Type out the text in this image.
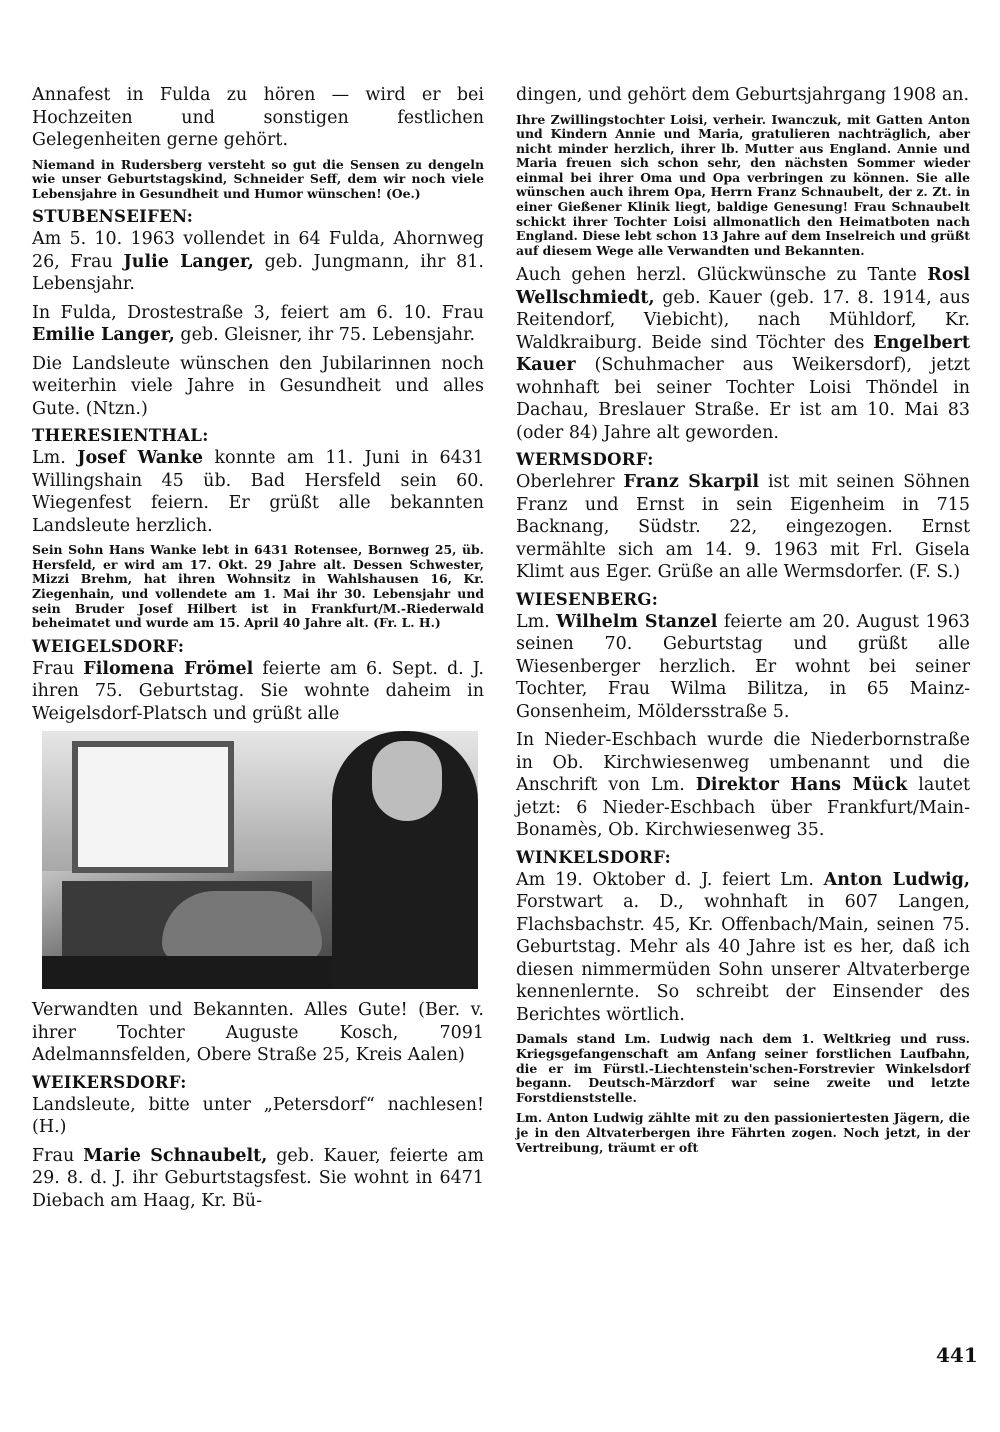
Annafest in Fulda zu hören — wird er bei Hochzeiten und sonstigen festlichen Gelegenheiten gerne gehört.

Niemand in Rudersberg versteht so gut die Sensen zu dengeln wie unser Geburtstagskind, Schneider Seff, dem wir noch viele Lebensjahre in Gesundheit und Humor wünschen! (Oe.)

STUBENSEIFEN:

Am 5. 10. 1963 vollendet in 64 Fulda, Ahornweg 26, Frau Julie Langer, geb. Jungmann, ihr 81. Lebensjahr.

In Fulda, Drostestraße 3, feiert am 6. 10. Frau Emilie Langer, geb. Gleisner, ihr 75. Lebensjahr.

Die Landsleute wünschen den Jubilarinnen noch weiterhin viele Jahre in Gesundheit und alles Gute. (Ntzn.)

THERESIENTHAL:

Lm. Josef Wanke konnte am 11. Juni in 6431 Willingshain 45 üb. Bad Hersfeld sein 60. Wiegenfest feiern. Er grüßt alle bekannten Landsleute herzlich.

Sein Sohn Hans Wanke lebt in 6431 Rotensee, Bornweg 25, üb. Hersfeld, er wird am 17. Okt. 29 Jahre alt. Dessen Schwester, Mizzi Brehm, hat ihren Wohnsitz in Wahlshausen 16, Kr. Ziegenhain, und vollendete am 1. Mai ihr 30. Lebensjahr und sein Bruder Josef Hilbert ist in Frankfurt/M.-Riederwald beheimatet und wurde am 15. April 40 Jahre alt. (Fr. L. H.)

WEIGELSDORF:

Frau Filomena Frömel feierte am 6. Sept. d. J. ihren 75. Geburtstag. Sie wohnte daheim in Weigelsdorf-Platsch und grüßt alle

Verwandten und Bekannten. Alles Gute! (Ber. v. ihrer Tochter Auguste Kosch, 7091 Adelmannsfelden, Obere Straße 25, Kreis Aalen)

WEIKERSDORF:

Landsleute, bitte unter „Petersdorf“ nachlesen! (H.)

Frau Marie Schnaubelt, geb. Kauer, feierte am 29. 8. d. J. ihr Geburtstagsfest. Sie wohnt in 6471 Diebach am Haag, Kr. Bü-

dingen, und gehört dem Geburtsjahrgang 1908 an.

Ihre Zwillingstochter Loisi, verheir. Iwanczuk, mit Gatten Anton und Kindern Annie und Maria, gratulieren nachträglich, aber nicht minder herzlich, ihrer lb. Mutter aus England. Annie und Maria freuen sich schon sehr, den nächsten Sommer wieder einmal bei ihrer Oma und Opa verbringen zu können. Sie alle wünschen auch ihrem Opa, Herrn Franz Schnaubelt, der z. Zt. in einer Gießener Klinik liegt, baldige Genesung! Frau Schnaubelt schickt ihrer Tochter Loisi allmonatlich den Heimatboten nach England. Diese lebt schon 13 Jahre auf dem Inselreich und grüßt auf diesem Wege alle Verwandten und Bekannten.

Auch gehen herzl. Glückwünsche zu Tante Rosl Wellschmiedt, geb. Kauer (geb. 17. 8. 1914, aus Reitendorf, Viebicht), nach Mühldorf, Kr. Waldkraiburg. Beide sind Töchter des Engelbert Kauer (Schuhmacher aus Weikersdorf), jetzt wohnhaft bei seiner Tochter Loisi Thöndel in Dachau, Breslauer Straße. Er ist am 10. Mai 83 (oder 84) Jahre alt geworden.

WERMSDORF:

Oberlehrer Franz Skarpil ist mit seinen Söhnen Franz und Ernst in sein Eigenheim in 715 Backnang, Südstr. 22, eingezogen. Ernst vermählte sich am 14. 9. 1963 mit Frl. Gisela Klimt aus Eger. Grüße an alle Wermsdorfer. (F. S.)

WIESENBERG:

Lm. Wilhelm Stanzel feierte am 20. August 1963 seinen 70. Geburtstag und grüßt alle Wiesenberger herzlich. Er wohnt bei seiner Tochter, Frau Wilma Bilitza, in 65 Mainz-Gonsenheim, Möldersstraße 5.

In Nieder-Eschbach wurde die Niederbornstraße in Ob. Kirchwiesenweg umbenannt und die Anschrift von Lm. Direktor Hans Mück lautet jetzt: 6 Nieder-Eschbach über Frankfurt/Main-Bonamès, Ob. Kirchwiesenweg 35.

WINKELSDORF:

Am 19. Oktober d. J. feiert Lm. Anton Ludwig, Forstwart a. D., wohnhaft in 607 Langen, Flachsbachstr. 45, Kr. Offenbach/Main, seinen 75. Geburtstag. Mehr als 40 Jahre ist es her, daß ich diesen nimmermüden Sohn unserer Altvaterberge kennenlernte. So schreibt der Einsender des Berichtes wörtlich.

Damals stand Lm. Ludwig nach dem 1. Weltkrieg und russ. Kriegsgefangenschaft am Anfang seiner forstlichen Laufbahn, die er im Fürstl.-Liechtenstein'schen-Forstrevier Winkelsdorf begann. Deutsch-Märzdorf war seine zweite und letzte Forstdienststelle.

Lm. Anton Ludwig zählte mit zu den passioniertesten Jägern, die je in den Altvaterbergen ihre Fährten zogen. Noch jetzt, in der Vertreibung, träumt er oft

441
